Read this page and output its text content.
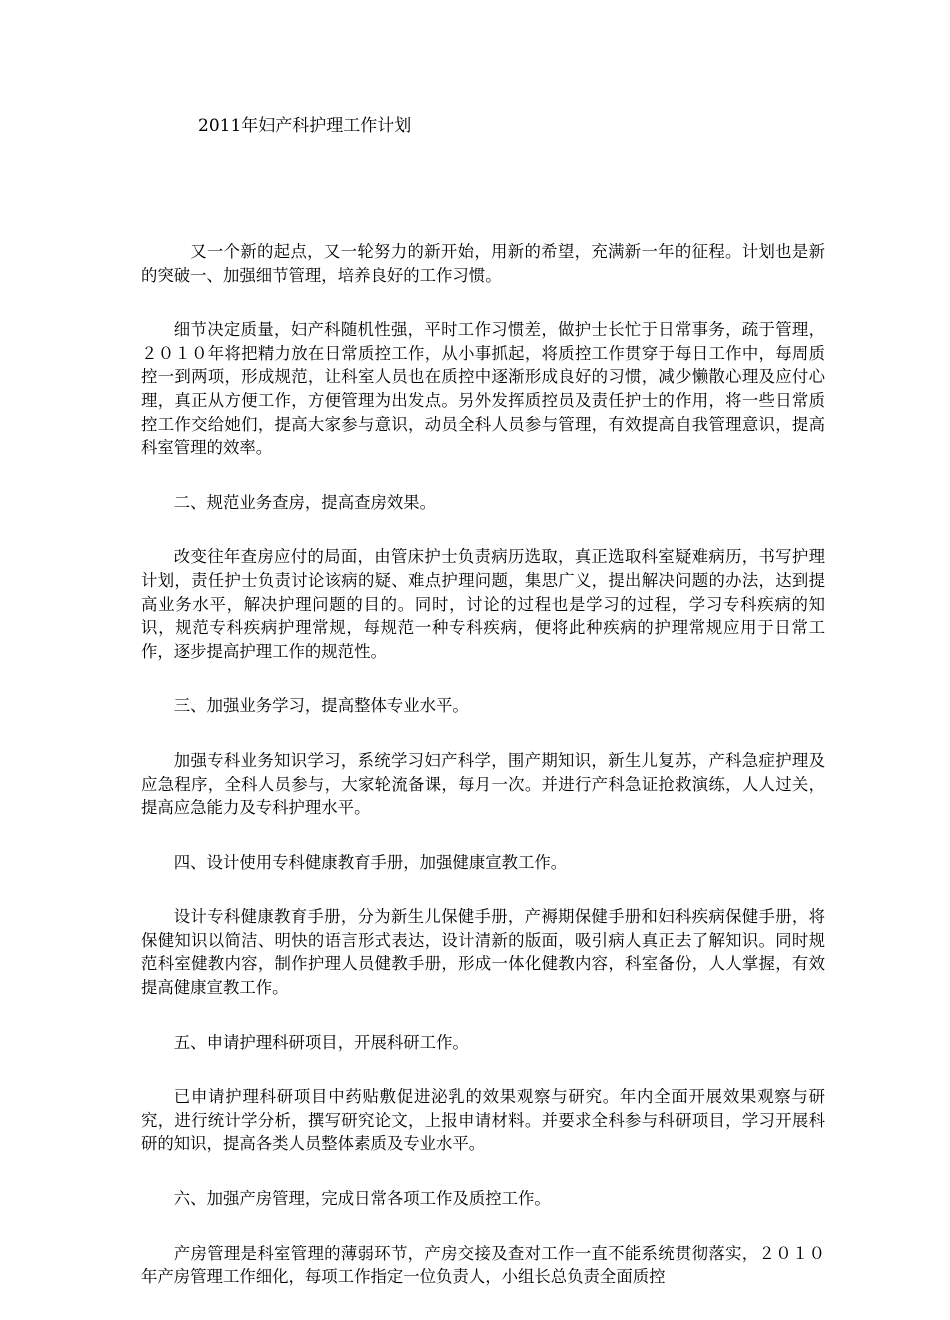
2011年妇产科护理工作计划

又一个新的起点，又一轮努力的新开始，用新的希望，充满新一年的征程。计划也是新的突破一、加强细节管理，培养良好的工作习惯。

细节决定质量，妇产科随机性强，平时工作习惯差，做护士长忙于日常事务，疏于管理，２０１０年将把精力放在日常质控工作，从小事抓起，将质控工作贯穿于每日工作中，每周质控一到两项，形成规范，让科室人员也在质控中逐渐形成良好的习惯，减少懒散心理及应付心理，真正从方便工作，方便管理为出发点。另外发挥质控员及责任护士的作用，将一些日常质控工作交给她们，提高大家参与意识，动员全科人员参与管理，有效提高自我管理意识，提高科室管理的效率。

二、规范业务查房，提高查房效果。

改变往年查房应付的局面，由管床护士负责病历选取，真正选取科室疑难病历，书写护理计划，责任护士负责讨论该病的疑、难点护理问题，集思广义，提出解决问题的办法，达到提高业务水平，解决护理问题的目的。同时，讨论的过程也是学习的过程，学习专科疾病的知识，规范专科疾病护理常规，每规范一种专科疾病，便将此种疾病的护理常规应用于日常工作，逐步提高护理工作的规范性。

三、加强业务学习，提高整体专业水平。

加强专科业务知识学习，系统学习妇产科学，围产期知识，新生儿复苏，产科急症护理及应急程序，全科人员参与，大家轮流备课，每月一次。并进行产科急证抢救演练，人人过关，提高应急能力及专科护理水平。

四、设计使用专科健康教育手册，加强健康宣教工作。

设计专科健康教育手册，分为新生儿保健手册，产褥期保健手册和妇科疾病保健手册，将保健知识以简洁、明快的语言形式表达，设计清新的版面，吸引病人真正去了解知识。同时规范科室健教内容，制作护理人员健教手册，形成一体化健教内容，科室备份，人人掌握，有效提高健康宣教工作。

五、申请护理科研项目，开展科研工作。

已申请护理科研项目中药贴敷促进泌乳的效果观察与研究。年内全面开展效果观察与研究，进行统计学分析，撰写研究论文，上报申请材料。并要求全科参与科研项目，学习开展科研的知识，提高各类人员整体素质及专业水平。

六、加强产房管理，完成日常各项工作及质控工作。

产房管理是科室管理的薄弱环节，产房交接及查对工作一直不能系统贯彻落实，２０１０年产房管理工作细化，每项工作指定一位负责人，小组长总负责全面质控
